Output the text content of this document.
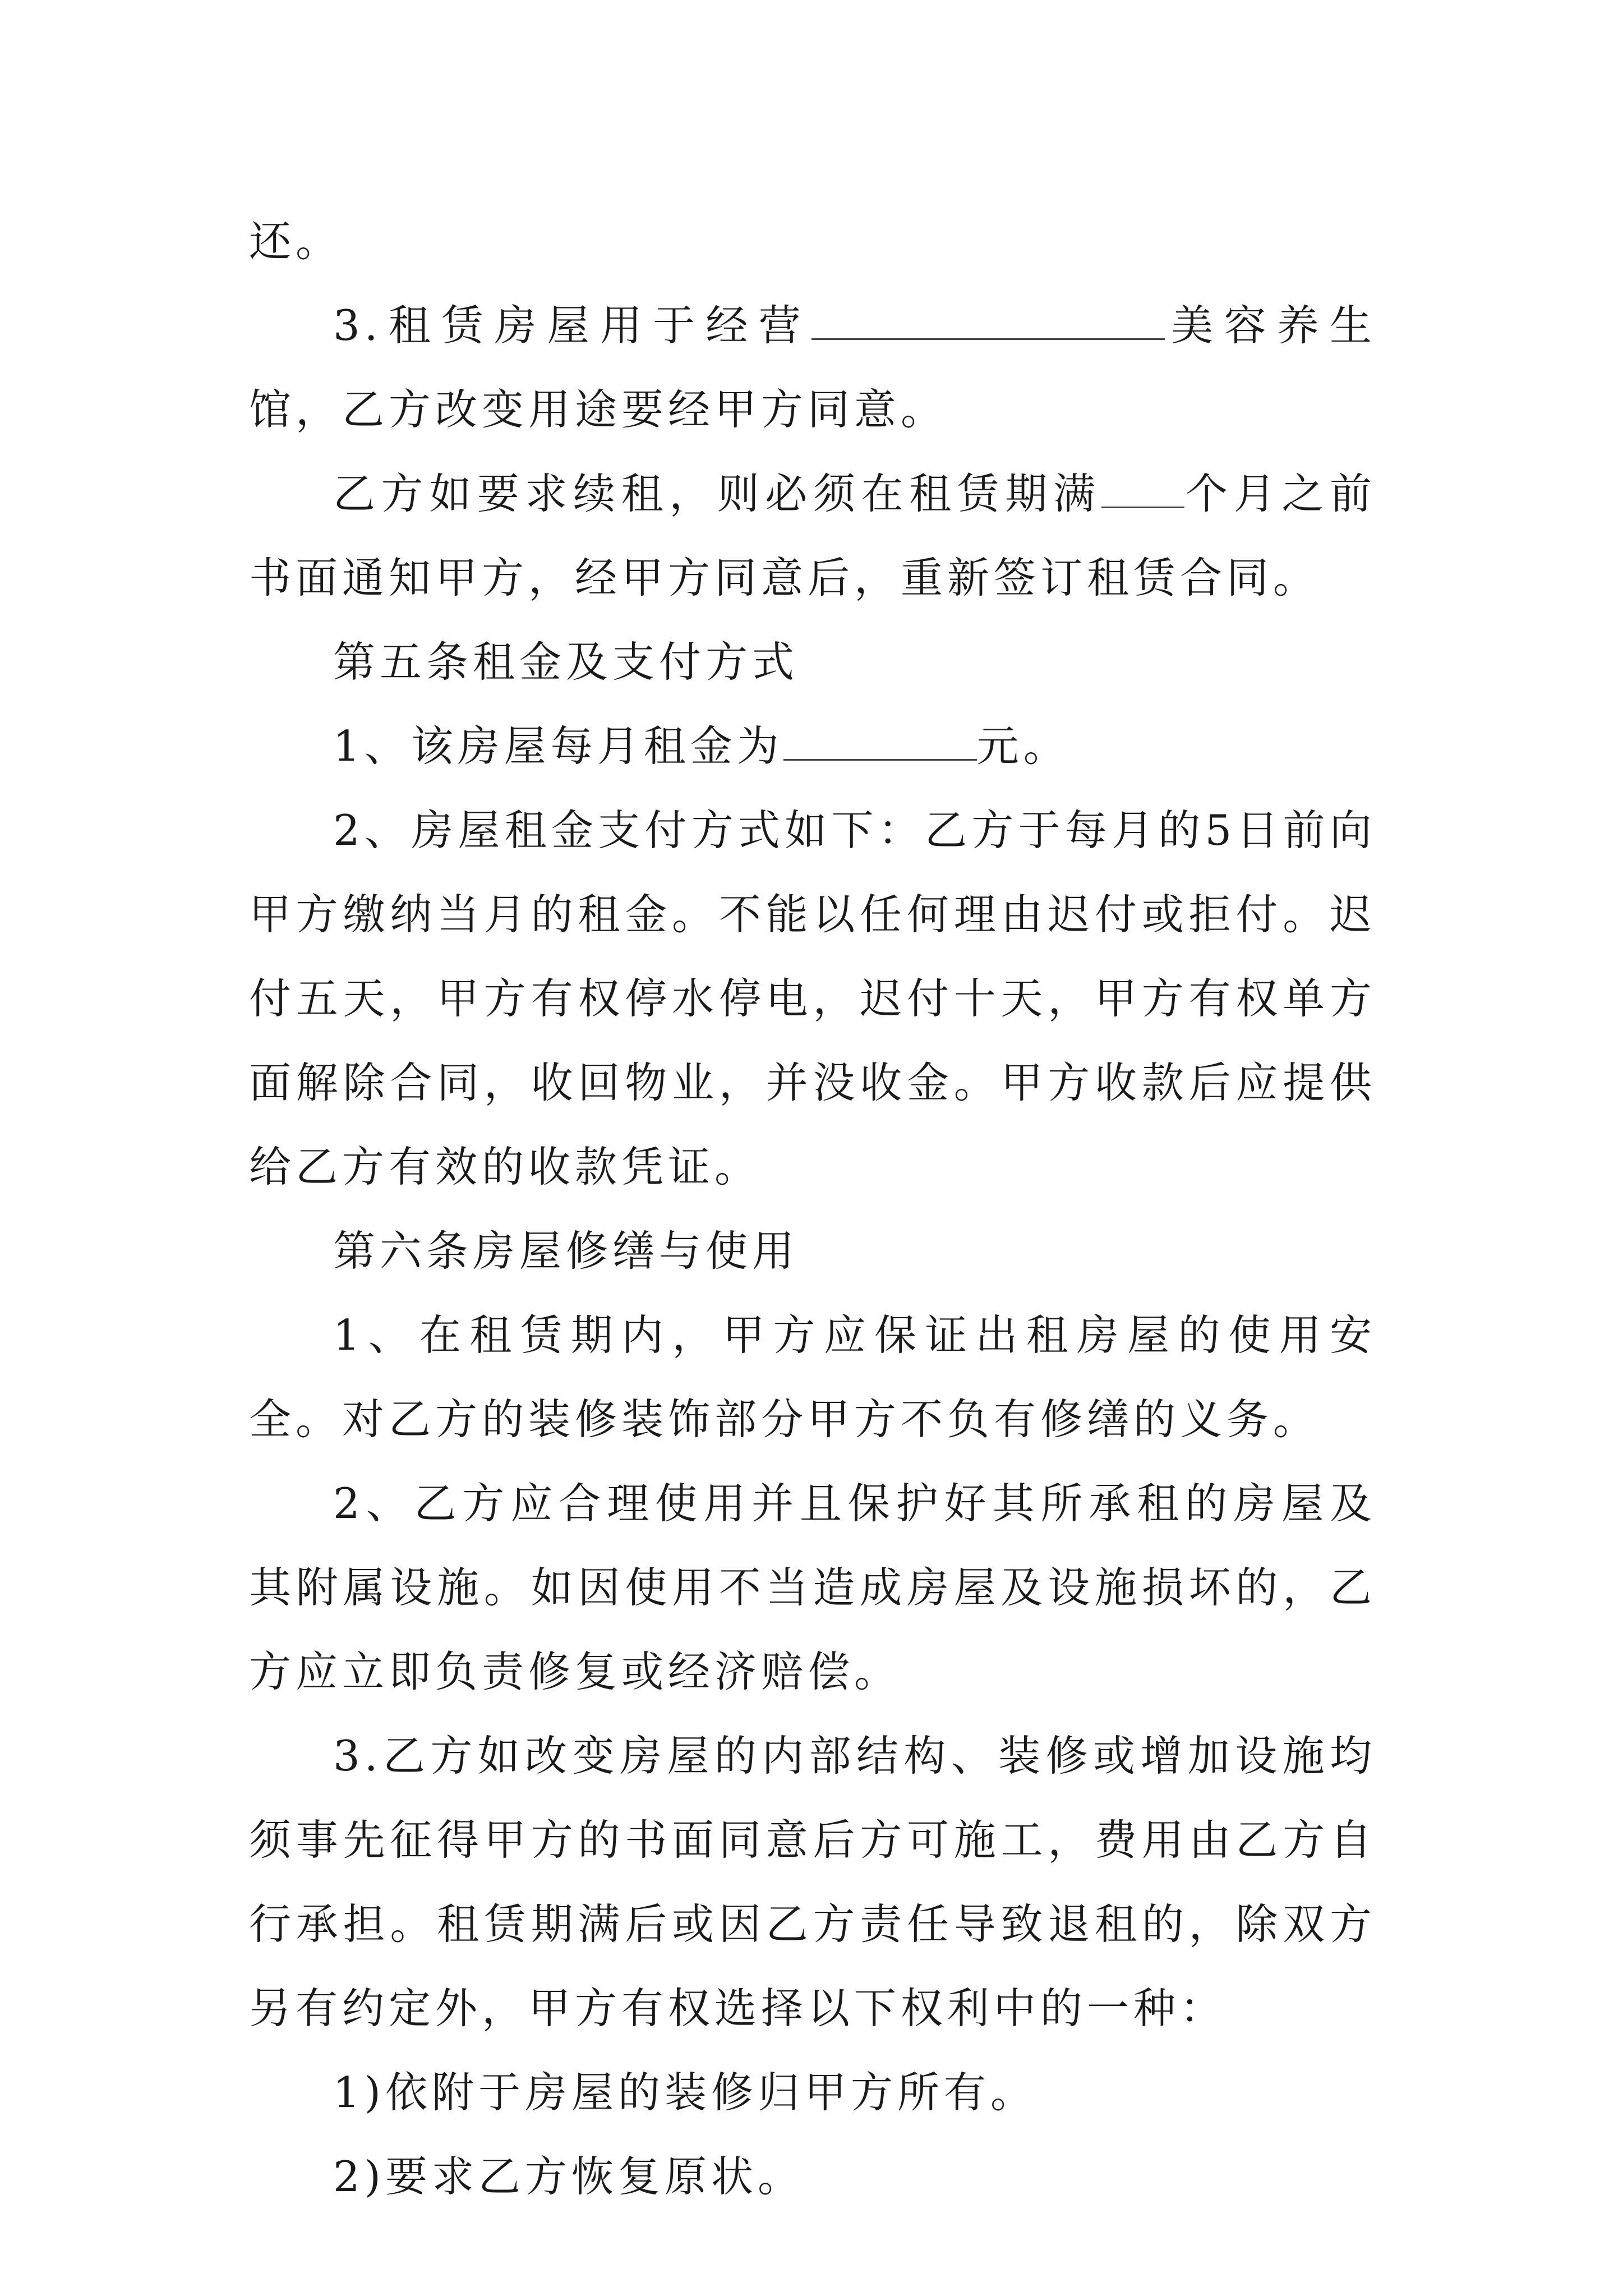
还。

3.租赁房屋用于经营	美容养生馆，乙方改变用途要经甲方同意。

乙方如要求续租，则必须在租赁期满 个月之前书面通知甲方，经甲方同意后，重新签订租赁合同。

第五条租金及支付方式

1、该房屋每月租金为	元。

2、房屋租金支付方式如下：乙方于每月的5日前向甲方缴纳当月的租金。不能以任何理由迟付或拒付。迟付五天，甲方有权停水停电，迟付十天，甲方有权单方面解除合同，收回物业，并没收金。甲方收款后应提供给乙方有效的收款凭证。

第六条房屋修缮与使用

1、在租赁期内，甲方应保证出租房屋的使用安全。对乙方的装修装饰部分甲方不负有修缮的义务。

2、乙方应合理使用并且保护好其所承租的房屋及其附属设施。如因使用不当造成房屋及设施损坏的，乙方应立即负责修复或经济赔偿。

3.乙方如改变房屋的内部结构、装修或增加设施均须事先征得甲方的书面同意后方可施工，费用由乙方自行承担。租赁期满后或因乙方责任导致退租的，除双方另有约定外，甲方有权选择以下权利中的一种：

1)依附于房屋的装修归甲方所有。

2)要求乙方恢复原状。
